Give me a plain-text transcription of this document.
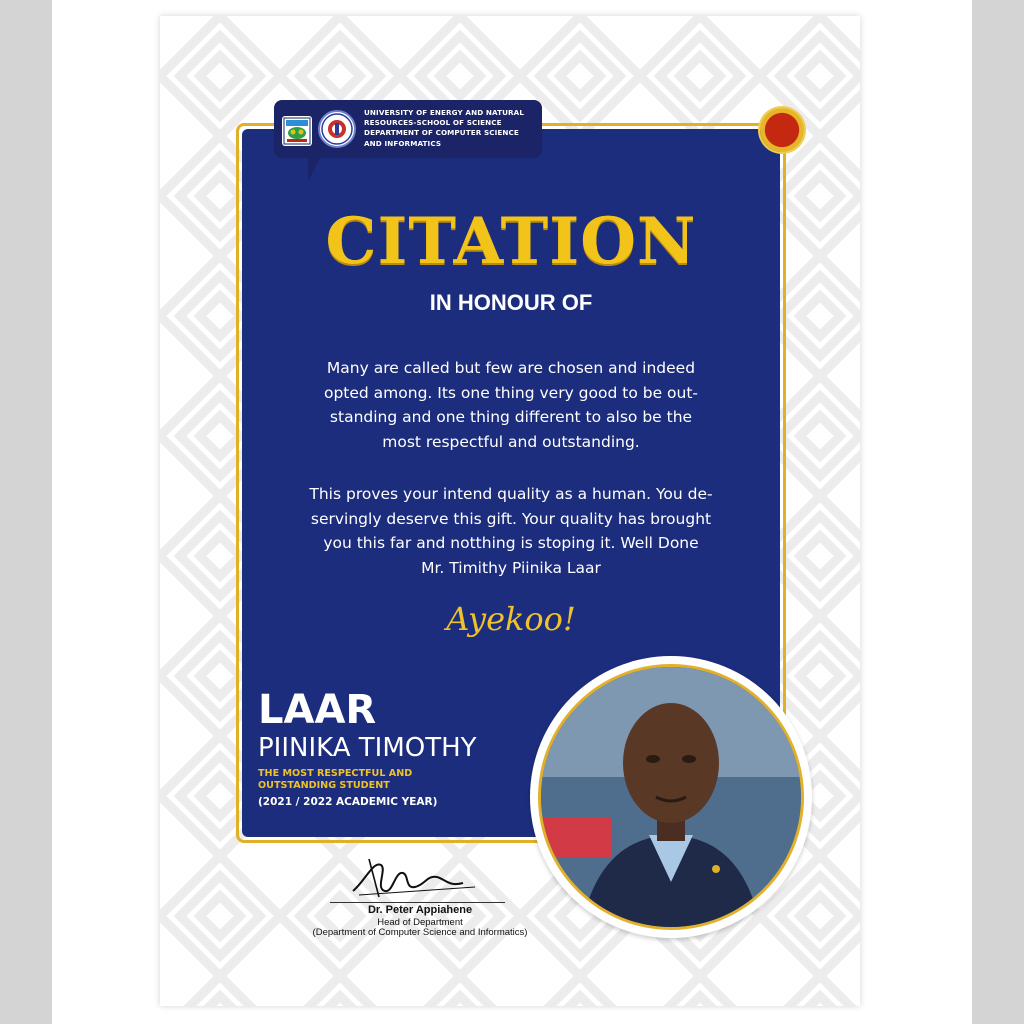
UNIVERSITY OF ENERGY AND NATURAL
RESOURCES-SCHOOL OF SCIENCE
DEPARTMENT OF COMPUTER SCIENCE
AND INFORMATICS
CITATION
IN HONOUR OF
Many are called but few are chosen and indeed
opted among. Its one thing very good to be out-
standing and one thing different to also be the
most respectful and outstanding.
This proves your intend quality as a human. You de-
servingly deserve this gift. Your quality has brought
you this far and notthing is stoping it. Well Done
Mr. Timithy Piinika Laar
Ayekoo!
LAAR
PIINIKA TIMOTHY
THE MOST RESPECTFUL AND
OUTSTANDING STUDENT
(2021 / 2022 ACADEMIC YEAR)
Dr. Peter Appiahene
Head of Department
(Department of Computer Science and Informatics)
